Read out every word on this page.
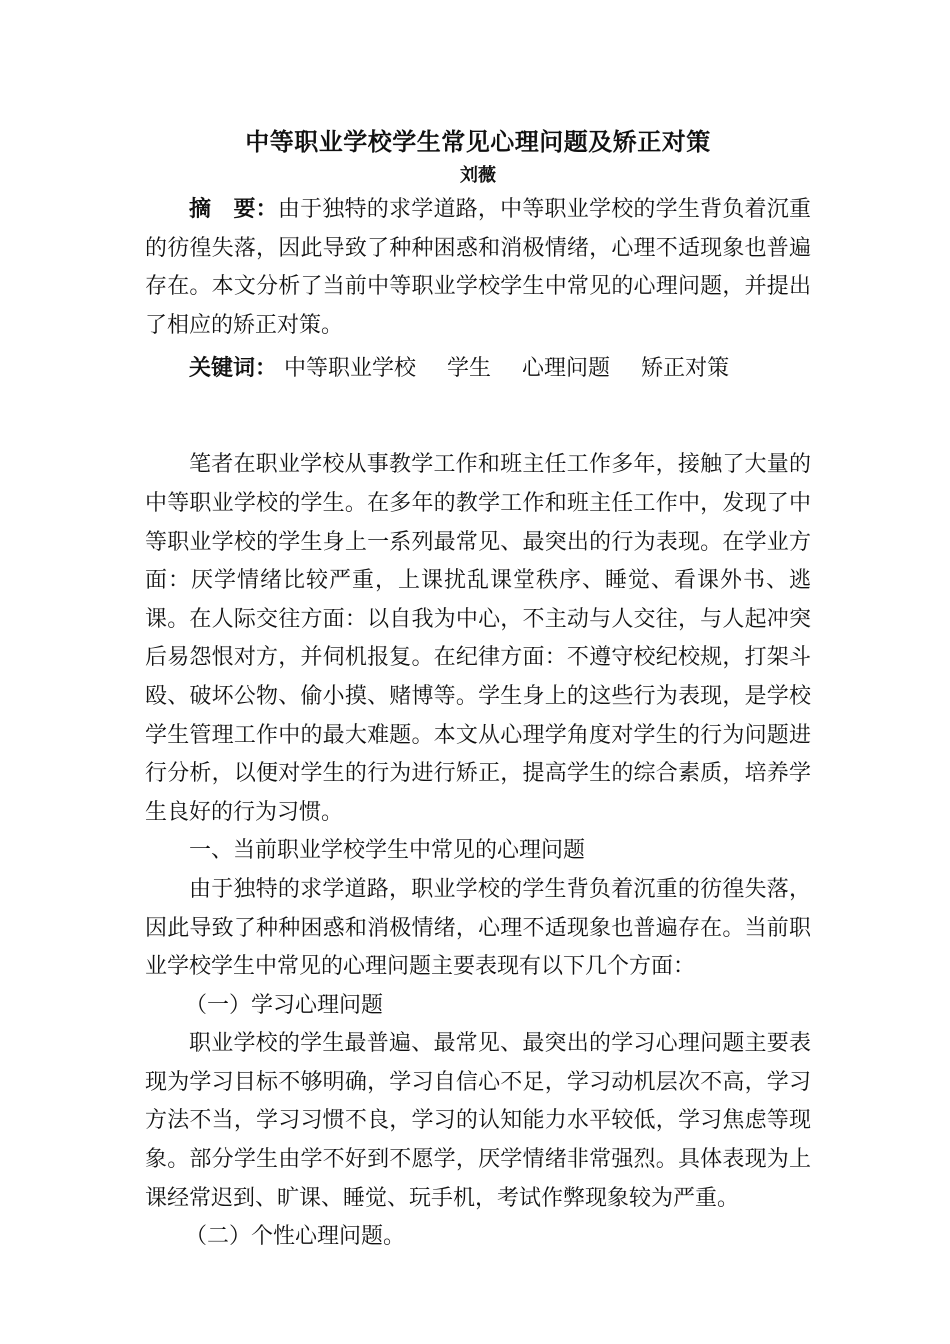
中等职业学校学生常见心理问题及矫正对策
刘薇

摘　要：由于独特的求学道路，中等职业学校的学生背负着沉重的彷徨失落，因此导致了种种困惑和消极情绪，心理不适现象也普遍存在。本文分析了当前中等职业学校学生中常见的心理问题，并提出了相应的矫正对策。

关键词： 中等职业学校 学生 心理问题 矫正对策

笔者在职业学校从事教学工作和班主任工作多年，接触了大量的中等职业学校的学生。在多年的教学工作和班主任工作中，发现了中等职业学校的学生身上一系列最常见、最突出的行为表现。在学业方面：厌学情绪比较严重，上课扰乱课堂秩序、睡觉、看课外书、逃课。在人际交往方面：以自我为中心，不主动与人交往，与人起冲突后易怨恨对方，并伺机报复。在纪律方面：不遵守校纪校规，打架斗殴、破坏公物、偷小摸、赌博等。学生身上的这些行为表现，是学校学生管理工作中的最大难题。本文从心理学角度对学生的行为问题进行分析，以便对学生的行为进行矫正，提高学生的综合素质，培养学生良好的行为习惯。

一、当前职业学校学生中常见的心理问题

由于独特的求学道路，职业学校的学生背负着沉重的彷徨失落，因此导致了种种困惑和消极情绪，心理不适现象也普遍存在。当前职业学校学生中常见的心理问题主要表现有以下几个方面：

（一）学习心理问题

职业学校的学生最普遍、最常见、最突出的学习心理问题主要表现为学习目标不够明确，学习自信心不足，学习动机层次不高，学习方法不当，学习习惯不良，学习的认知能力水平较低，学习焦虑等现象。部分学生由学不好到不愿学，厌学情绪非常强烈。具体表现为上课经常迟到、旷课、睡觉、玩手机，考试作弊现象较为严重。

（二）个性心理问题。
